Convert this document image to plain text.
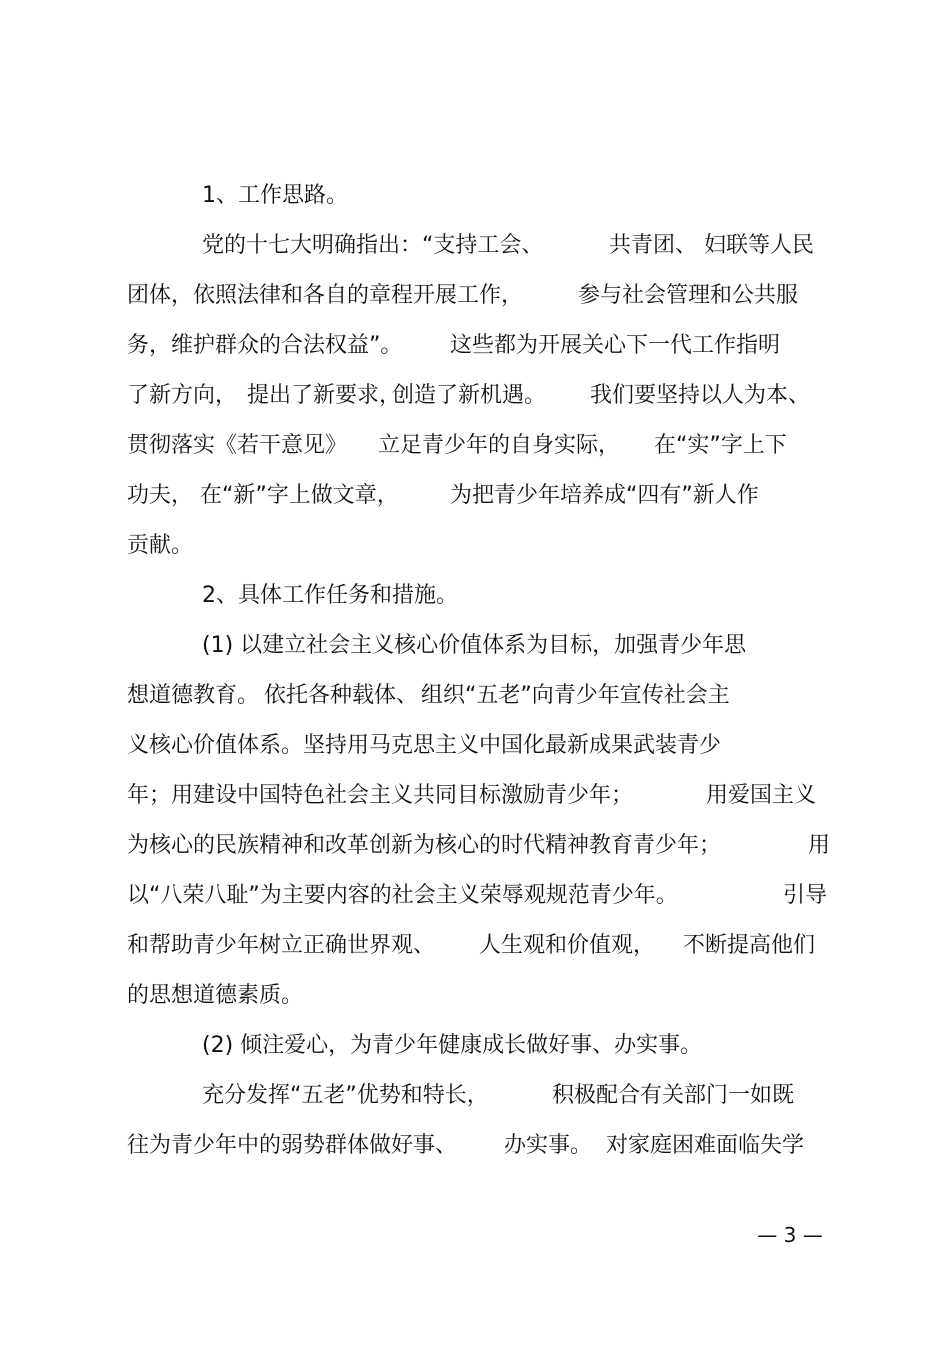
1、工作思路。
党的十七大明确指出：“支持工会、	共青团、 妇联等人民
团体，依照法律和各自的章程开展工作， 参与社会管理和公共服
务，维护群众的合法权益”。 这些都为开展关心下一代工作指明
了新方向， 提出了新要求，
创造了新机遇。 我们要坚持以人为本、
贯彻落实《若干意见》 立足青少年的自身实际， 在“实”字上下
功夫， 在“新”字上做文章， 为把青少年培养成“四有”新人作
贡献。
2、具体工作任务和措施。
(1) 以建立社会主义核心价值体系为目标，加强青少年思
想道德教育。 依托各种载体、 组织“五老”向青少年宣传社会主
义核心价值体系。坚持用马克思主义中国化最新成果武装青少
年；用建设中国特色社会主义共同目标激励青少年；	用爱国主义
为核心的民族精神和改革创新为核心的时代精神教育青少年；	用
以“八荣八耻”为主要内容的社会主义荣辱观规范青少年。	引导
和帮助青少年树立正确世界观、 人生观和价值观， 不断提高他们
的思想道德素质。
(2) 倾注爱心，为青少年健康成长做好事、办实事。
充分发挥“五老”优势和特长，	积极配合有关部门一如既
往为青少年中的弱势群体做好事、 办实事。 对家庭困难面临失学
— 3 —
